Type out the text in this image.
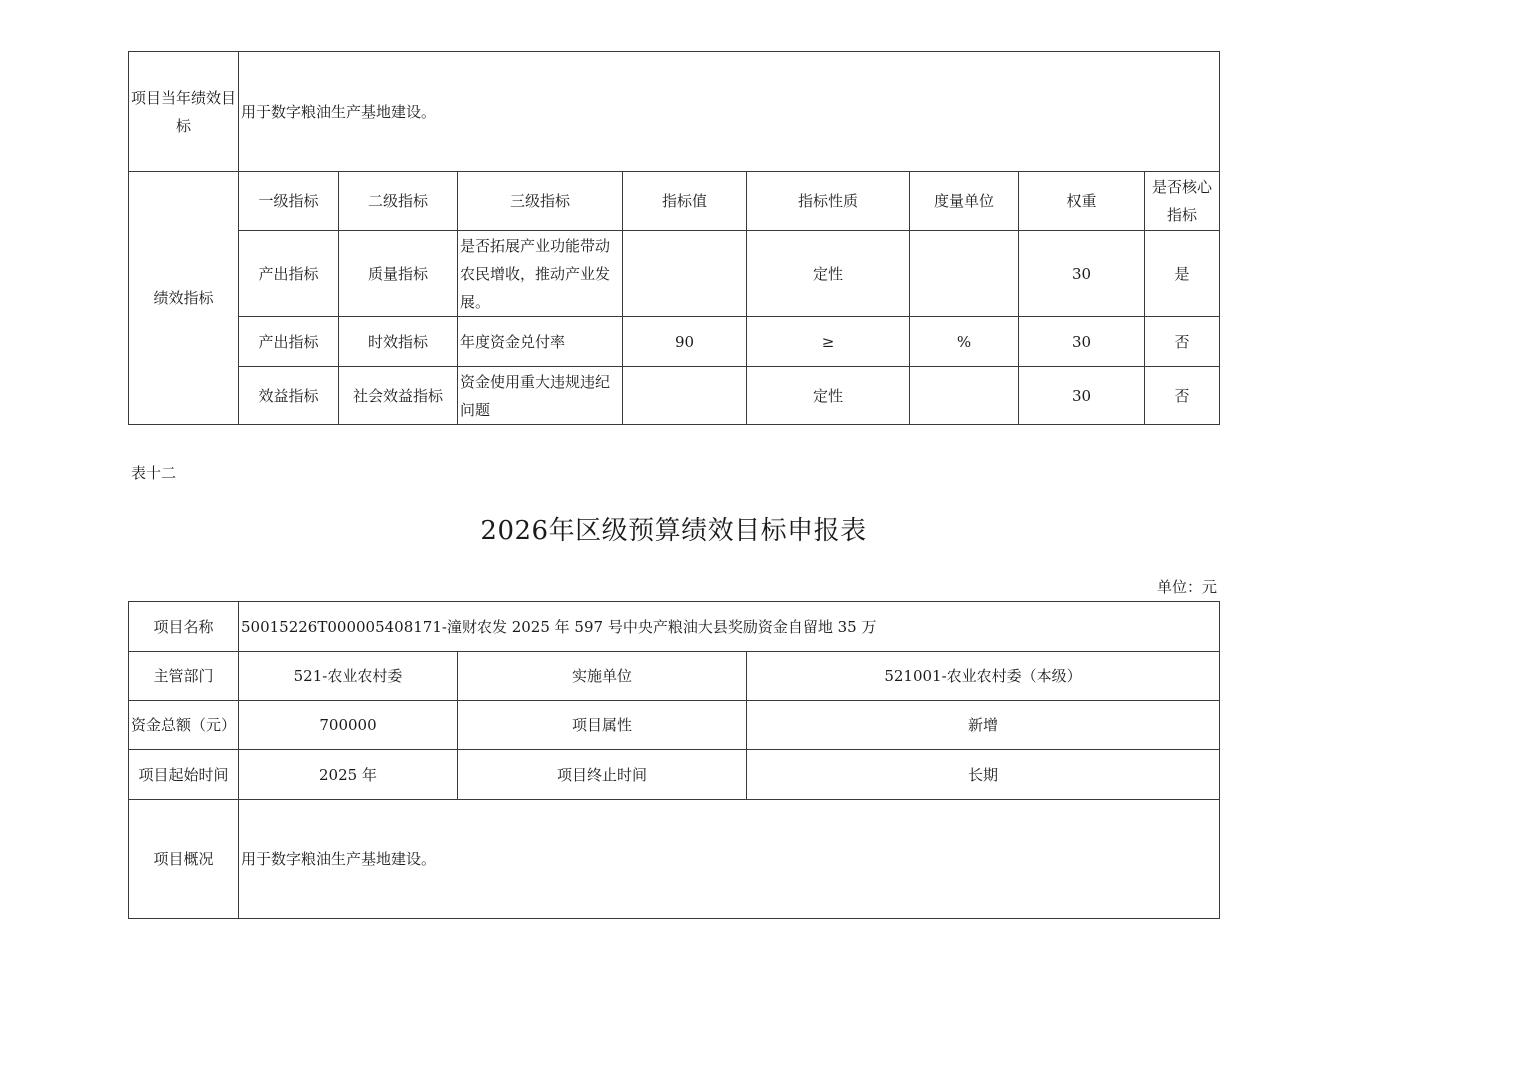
项目当年绩效目标	用于数字粮油生产基地建设。							
绩效指标	一级指标	二级指标	三级指标	指标值	指标性质	度量单位	权重	是否核心指标
	产出指标	质量指标	是否拓展产业功能带动农民增收，推动产业发展。		定性		30	是
	产出指标	时效指标	年度资金兑付率	90	≥	%	30	否
	效益指标	社会效益指标	资金使用重大违规违纪问题		定性		30	否
表十二
2026年区级预算绩效目标申报表
单位：元
项目名称	50015226T000005408171-潼财农发 2025 年 597 号中央产粮油大县奖励资金自留地 35 万		
主管部门	521-农业农村委	实施单位	521001-农业农村委（本级）
资金总额（元）	700000	项目属性	新增
项目起始时间	2025 年	项目终止时间	长期
项目概况	用于数字粮油生产基地建设。		
